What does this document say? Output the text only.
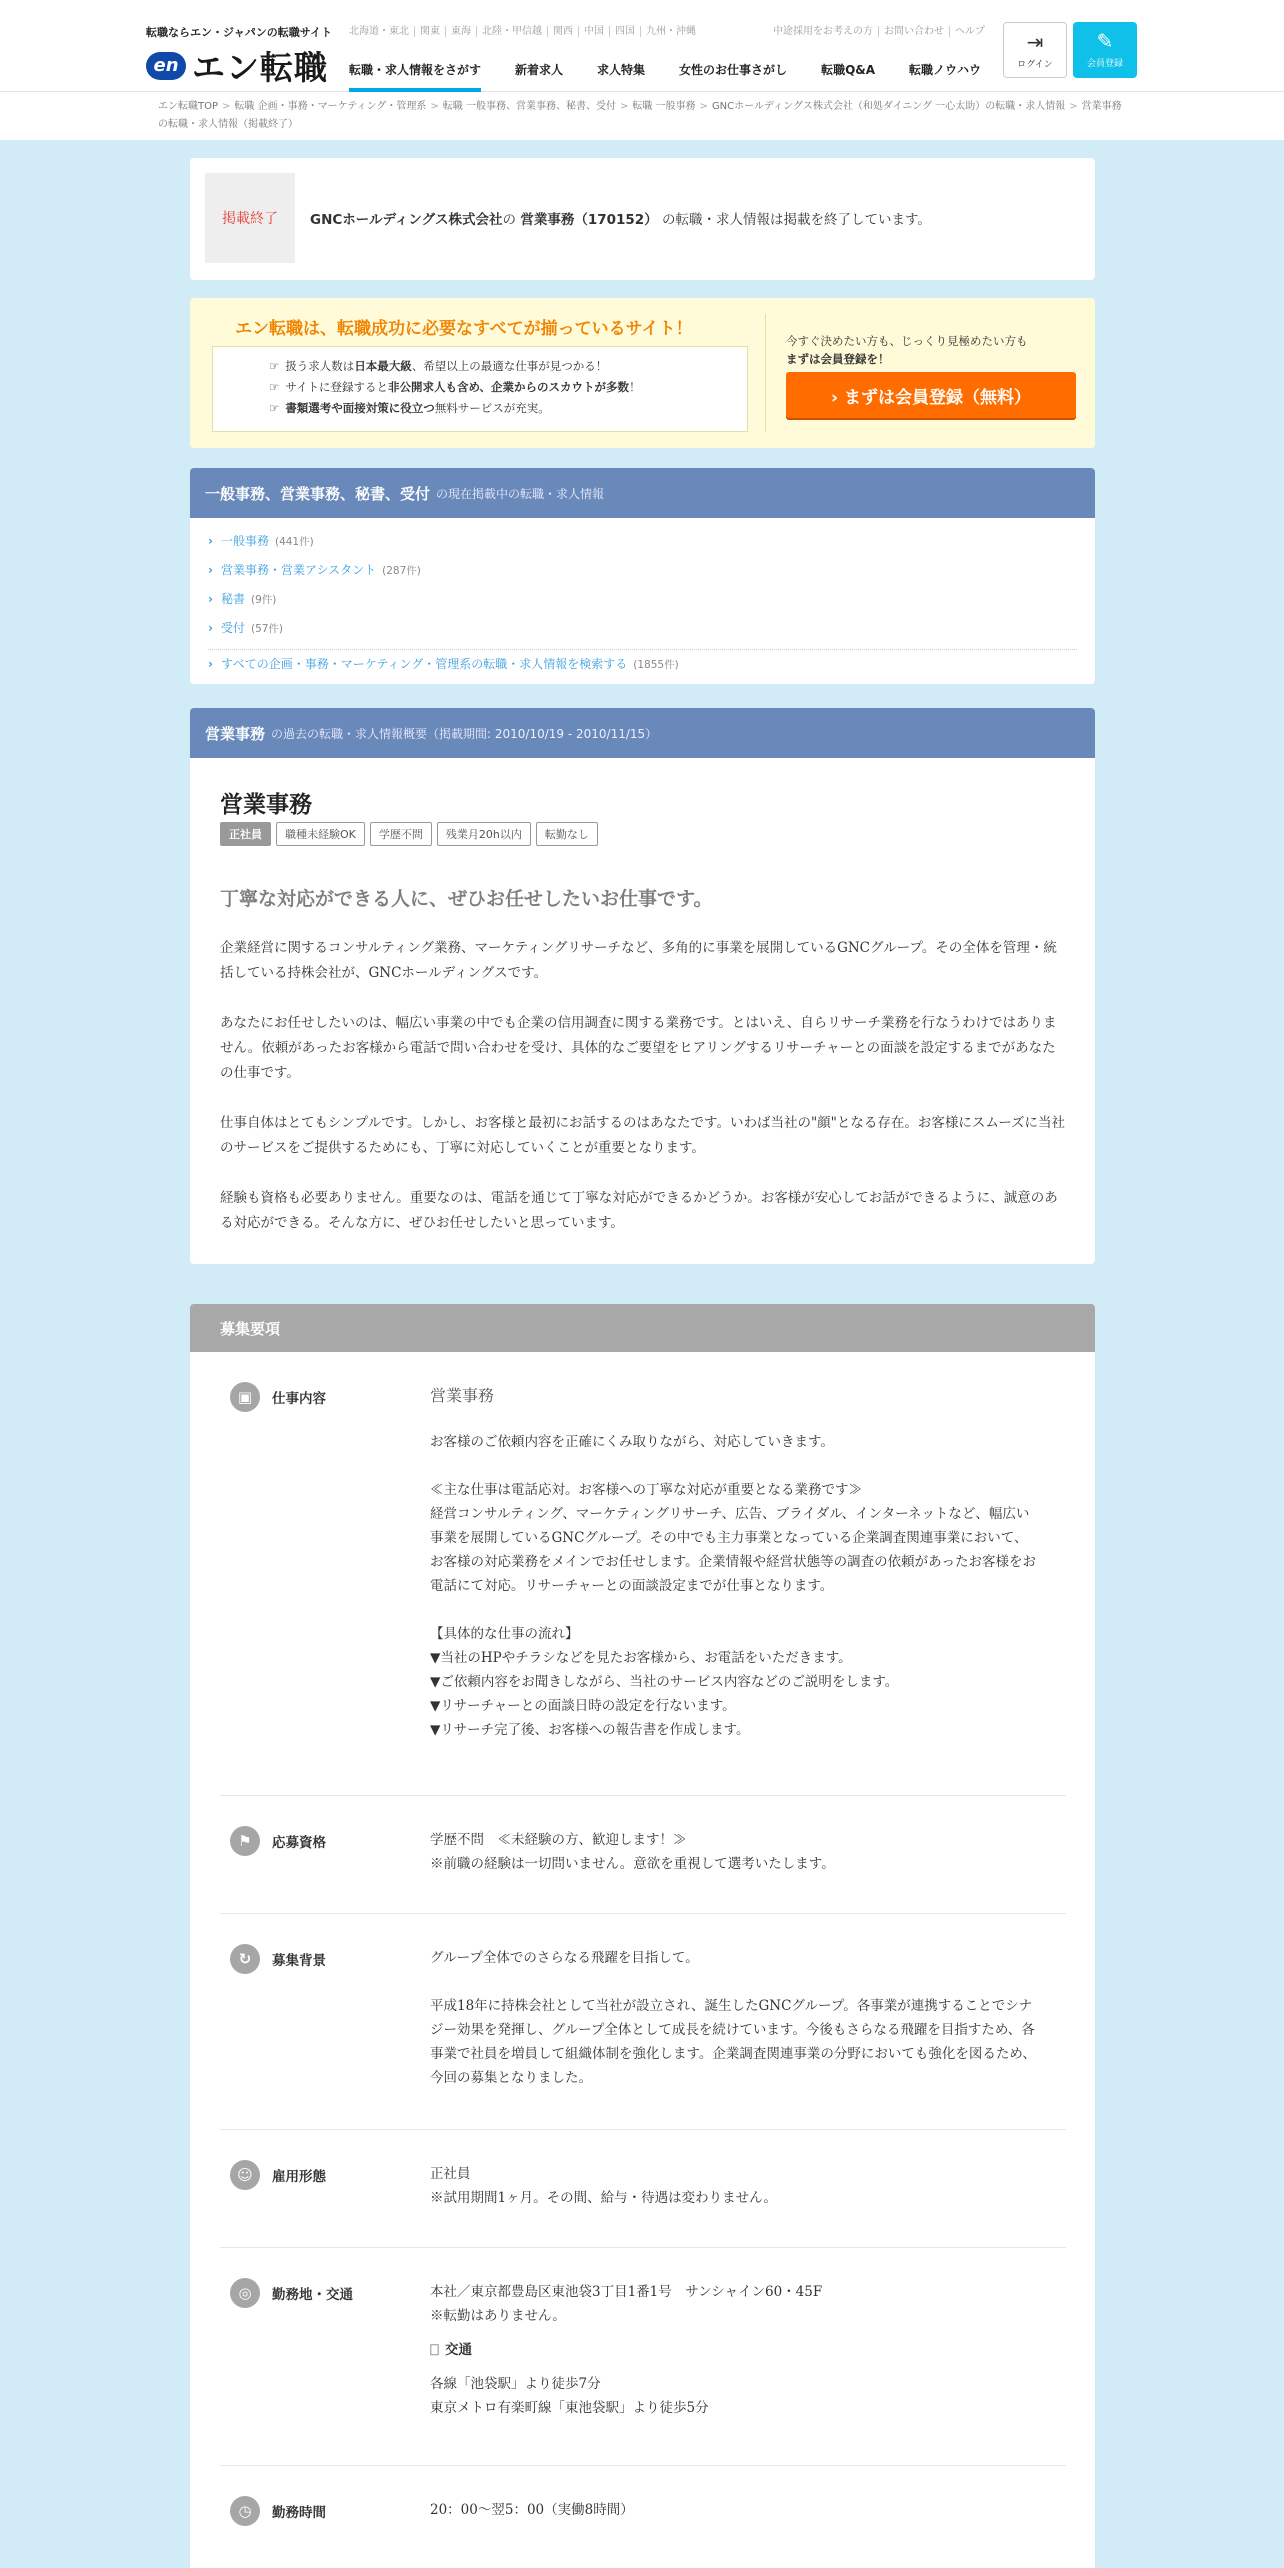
転職ならエン・ジャパンの転職サイト
en エン転職
北海道・東北	関東	東海	北陸・甲信越	関西	中国	四国	九州・沖縄	中途採用をお考えの方	お問い合わせ	ヘルプ
転職・求人情報をさがす	新着求人	求人特集	女性のお仕事さがし	転職Q&A	転職ノウハウ
⇥
ログイン
✎
会員登録
エン転職TOP > 転職 企画・事務・マーケティング・管理系 > 転職 一般事務、営業事務、秘書、受付 > 転職 一般事務 > GNCホールディングス株式会社（和処ダイニング 一心太助）の転職・求人情報 > 営業事務の転職・求人情報（掲載終了）
掲載終了	GNCホールディングス株式会社の 営業事務（170152） の転職・求人情報は掲載を終了しています。
エン転職は、転職成功に必要なすべてが揃っているサイト！
☞ 扱う求人数は日本最大級、希望以上の最適な仕事が見つかる！
☞ サイトに登録すると非公開求人も含め、企業からのスカウトが多数！
☞ 書類選考や面接対策に役立つ無料サービスが充実。
今すぐ決めたい方も、じっくり見極めたい方も
まずは会員登録を！
› まずは会員登録（無料）
一般事務、営業事務、秘書、受付 の現在掲載中の転職・求人情報
› 一般事務 (441件)
› 営業事務・営業アシスタント (287件)
› 秘書 (9件)
› 受付 (57件)
› すべての企画・事務・マーケティング・管理系の転職・求人情報を検索する (1855件)
営業事務 の過去の転職・求人情報概要（掲載期間: 2010/10/19 - 2010/11/15）
営業事務
正社員	職種未経験OK	学歴不問	残業月20h以内	転勤なし
丁寧な対応ができる人に、ぜひお任せしたいお仕事です。

企業経営に関するコンサルティング業務、マーケティングリサーチなど、多角的に事業を展開しているGNCグループ。その全体を管理・統括している持株会社が、GNCホールディングスです。

あなたにお任せしたいのは、幅広い事業の中でも企業の信用調査に関する業務です。とはいえ、自らリサーチ業務を行なうわけではありません。依頼があったお客様から電話で問い合わせを受け、具体的なご要望をヒアリングするリサーチャーとの面談を設定するまでがあなたの仕事です。

仕事自体はとてもシンプルです。しかし、お客様と最初にお話するのはあなたです。いわば当社の"顔"となる存在。お客様にスムーズに当社のサービスをご提供するためにも、丁寧に対応していくことが重要となります。

経験も資格も必要ありません。重要なのは、電話を通じて丁寧な対応ができるかどうか。お客様が安心してお話ができるように、誠意のある対応ができる。そんな方に、ぜひお任せしたいと思っています。

募集要項
▣	仕事内容	営業事務
お客様のご依頼内容を正確にくみ取りながら、対応していきます。
≪主な仕事は電話応対。お客様への丁寧な対応が重要となる業務です≫
経営コンサルティング、マーケティングリサーチ、広告、ブライダル、インターネットなど、幅広い事業を展開しているGNCグループ。その中でも主力事業となっている企業調査関連事業において、お客様の対応業務をメインでお任せします。企業情報や経営状態等の調査の依頼があったお客様をお電話にて対応。リサーチャーとの面談設定までが仕事となります。
【具体的な仕事の流れ】
▼当社のHPやチラシなどを見たお客様から、お電話をいただきます。
▼ご依頼内容をお聞きしながら、当社のサービス内容などのご説明をします。
▼リサーチャーとの面談日時の設定を行ないます。
▼リサーチ完了後、お客様への報告書を作成します。
⚑	応募資格	学歴不問　≪未経験の方、歓迎します！≫
※前職の経験は一切問いません。意欲を重視して選考いたします。
↻	募集背景	グループ全体でのさらなる飛躍を目指して。
平成18年に持株会社として当社が設立され、誕生したGNCグループ。各事業が連携することでシナジー効果を発揮し、グループ全体として成長を続けています。今後もさらなる飛躍を目指すため、各事業で社員を増員して組織体制を強化します。企業調査関連事業の分野においても強化を図るため、今回の募集となりました。
☺	雇用形態	正社員
※試用期間1ヶ月。その間、給与・待遇は変わりません。
◎	勤務地・交通	本社／東京都豊島区東池袋3丁目1番1号　サンシャイン60・45F
※転勤はありません。
⎕ 交通
各線「池袋駅」より徒歩7分
東京メトロ有楽町線「東池袋駅」より徒歩5分
◷	勤務時間	20：00～翌5：00（実働8時間）
